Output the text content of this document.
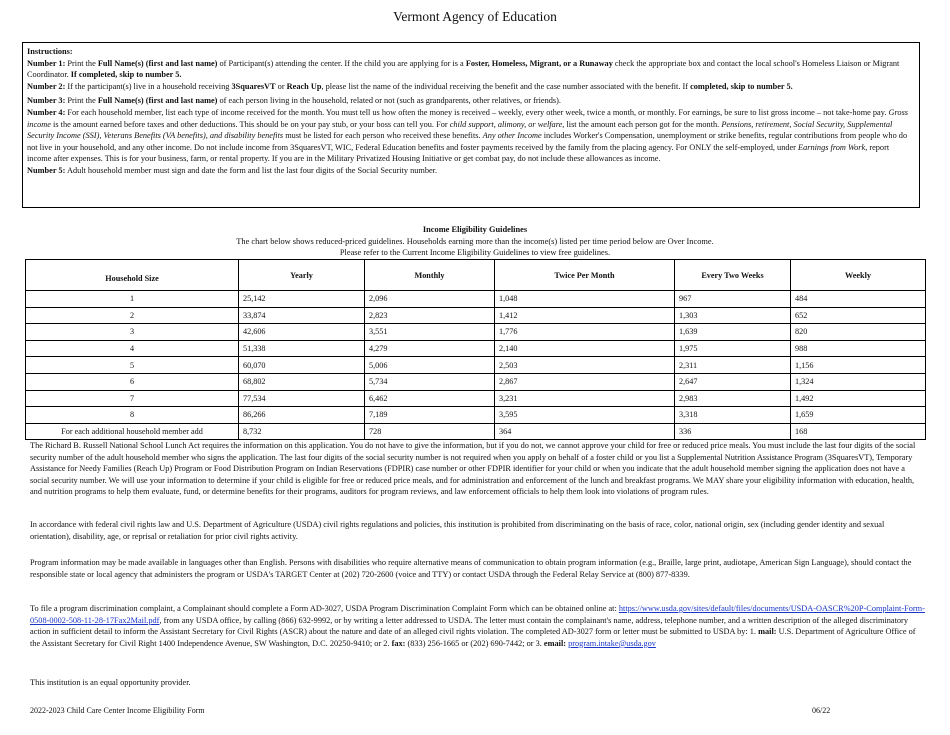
Vermont Agency of Education

Instructions:

Number 1: Print the Full Name(s) (first and last name) of Participant(s) attending the center. If the child you are applying for is a Foster, Homeless, Migrant, or a Runaway check the appropriate box and contact the local school's Homeless Liaison or Migrant Coordinator. If completed, skip to number 5.

Number 2: If the participant(s) live in a household receiving 3SquaresVT or Reach Up, please list the name of the individual receiving the benefit and the case number associated with the benefit. If completed, skip to number 5.

Number 3: Print the Full Name(s) (first and last name) of each person living in the household, related or not (such as grandparents, other relatives, or friends).

Number 4: For each household member, list each type of income received for the month. You must tell us how often the money is received – weekly, every other week, twice a month, or monthly. For earnings, be sure to list gross income – not take-home pay. Gross income is the amount earned before taxes and other deductions. This should be on your pay stub, or your boss can tell you. For child support, alimony, or welfare, list the amount each person got for the month. Pensions, retirement, Social Security, Supplemental Security Income (SSI), Veterans Benefits (VA benefits), and disability benefits must be listed for each person who received these benefits. Any other Income includes Worker's Compensation, unemployment or strike benefits, regular contributions from people who do not live in your household, and any other income. Do not include income from 3SquaresVT, WIC, Federal Education benefits and foster payments received by the family from the placing agency. For ONLY the self-employed, under Earnings from Work, report income after expenses. This is for your business, farm, or rental property. If you are in the Military Privatized Housing Initiative or get combat pay, do not include these allowances as income.

Number 5: Adult household member must sign and date the form and list the last four digits of the Social Security number.

Income Eligibility Guidelines
The chart below shows reduced-priced guidelines. Households earning more than the income(s) listed per time period below are Over Income.
Please refer to the Current Income Eligibility Guidelines to view free guidelines.
Household Size	Yearly	Monthly	Twice Per Month	Every Two Weeks	Weekly
1	25,142	2,096	1,048	967	484
2	33,874	2,823	1,412	1,303	652
3	42,606	3,551	1,776	1,639	820
4	51,338	4,279	2,140	1,975	988
5	60,070	5,006	2,503	2,311	1,156
6	68,802	5,734	2,867	2,647	1,324
7	77,534	6,462	3,231	2,983	1,492
8	86,266	7,189	3,595	3,318	1,659
For each additional household member add	8,732	728	364	336	168

The Richard B. Russell National School Lunch Act requires the information on this application. You do not have to give the information, but if you do not, we cannot approve your child for free or reduced price meals. You must include the last four digits of the social security number of the adult household member who signs the application. The last four digits of the social security number is not required when you apply on behalf of a foster child or you list a Supplemental Nutrition Assistance Program (3SquaresVT), Temporary Assistance for Needy Families (Reach Up) Program or Food Distribution Program on Indian Reservations (FDPIR) case number or other FDPIR identifier for your child or when you indicate that the adult household member signing the application does not have a social security number. We will use your information to determine if your child is eligible for free or reduced price meals, and for administration and enforcement of the lunch and breakfast programs. We MAY share your eligibility information with education, health, and nutrition programs to help them evaluate, fund, or determine benefits for their programs, auditors for program reviews, and law enforcement officials to help them look into violations of program rules.

In accordance with federal civil rights law and U.S. Department of Agriculture (USDA) civil rights regulations and policies, this institution is prohibited from discriminating on the basis of race, color, national origin, sex (including gender identity and sexual orientation), disability, age, or reprisal or retaliation for prior civil rights activity.

Program information may be made available in languages other than English. Persons with disabilities who require alternative means of communication to obtain program information (e.g., Braille, large print, audiotape, American Sign Language), should contact the responsible state or local agency that administers the program or USDA's TARGET Center at (202) 720-2600 (voice and TTY) or contact USDA through the Federal Relay Service at (800) 877-8339.

To file a program discrimination complaint, a Complainant should complete a Form AD-3027, USDA Program Discrimination Complaint Form which can be obtained online at: https://www.usda.gov/sites/default/files/documents/USDA-OASCR%20P-Complaint-Form-0508-0002-508-11-28-17Fax2Mail.pdf, from any USDA office, by calling (866) 632-9992, or by writing a letter addressed to USDA. The letter must contain the complainant's name, address, telephone number, and a written description of the alleged discriminatory action in sufficient detail to inform the Assistant Secretary for Civil Rights (ASCR) about the nature and date of an alleged civil rights violation. The completed AD-3027 form or letter must be submitted to USDA by: 1. mail: U.S. Department of Agriculture Office of the Assistant Secretary for Civil Right 1400 Independence Avenue, SW Washington, D.C. 20250-9410; or 2. fax: (833) 256-1665 or (202) 690-7442; or 3. email: program.intake@usda.gov

This institution is an equal opportunity provider.

2022-2023 Child Care Center Income Eligibility Form	06/22
